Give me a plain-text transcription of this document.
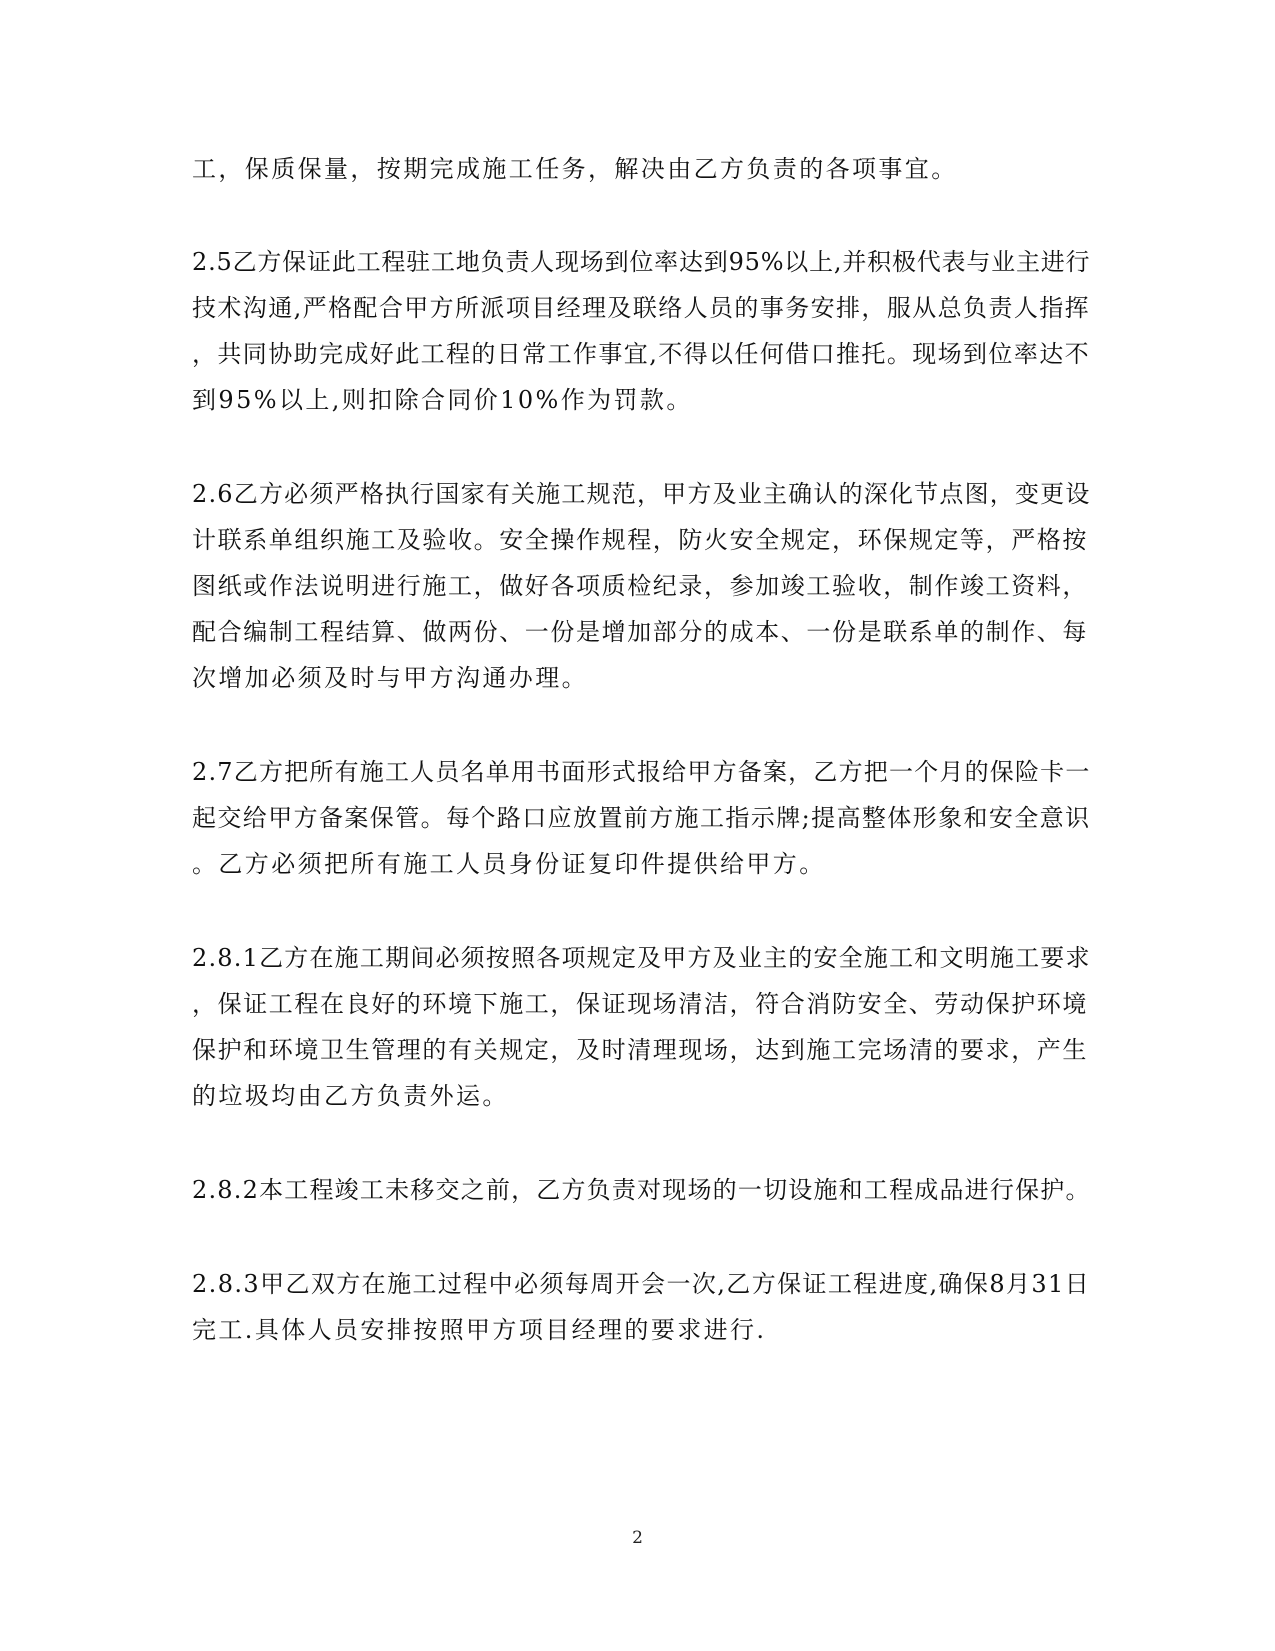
工，保质保量，按期完成施工任务，解决由乙方负责的各项事宜。
2.5乙方保证此工程驻工地负责人现场到位率达到95%以上,并积极代表与业主进行
技术沟通,严格配合甲方所派项目经理及联络人员的事务安排，服从总负责人指挥
，共同协助完成好此工程的日常工作事宜,不得以任何借口推托。现场到位率达不
到95%以上,则扣除合同价10%作为罚款。
2.6乙方必须严格执行国家有关施工规范，甲方及业主确认的深化节点图，变更设
计联系单组织施工及验收。安全操作规程，防火安全规定，环保规定等，严格按
图纸或作法说明进行施工，做好各项质检纪录，参加竣工验收，制作竣工资料，
配合编制工程结算、做两份、一份是增加部分的成本、一份是联系单的制作、每
次增加必须及时与甲方沟通办理。
2.7乙方把所有施工人员名单用书面形式报给甲方备案，乙方把一个月的保险卡一
起交给甲方备案保管。每个路口应放置前方施工指示牌;提高整体形象和安全意识
。乙方必须把所有施工人员身份证复印件提供给甲方。
2.8.1乙方在施工期间必须按照各项规定及甲方及业主的安全施工和文明施工要求
，保证工程在良好的环境下施工，保证现场清洁，符合消防安全、劳动保护环境
保护和环境卫生管理的有关规定，及时清理现场，达到施工完场清的要求，产生
的垃圾均由乙方负责外运。
2.8.2本工程竣工未移交之前，乙方负责对现场的一切设施和工程成品进行保护。
2.8.3甲乙双方在施工过程中必须每周开会一次,乙方保证工程进度,确保8月31日
完工.具体人员安排按照甲方项目经理的要求进行.
2
